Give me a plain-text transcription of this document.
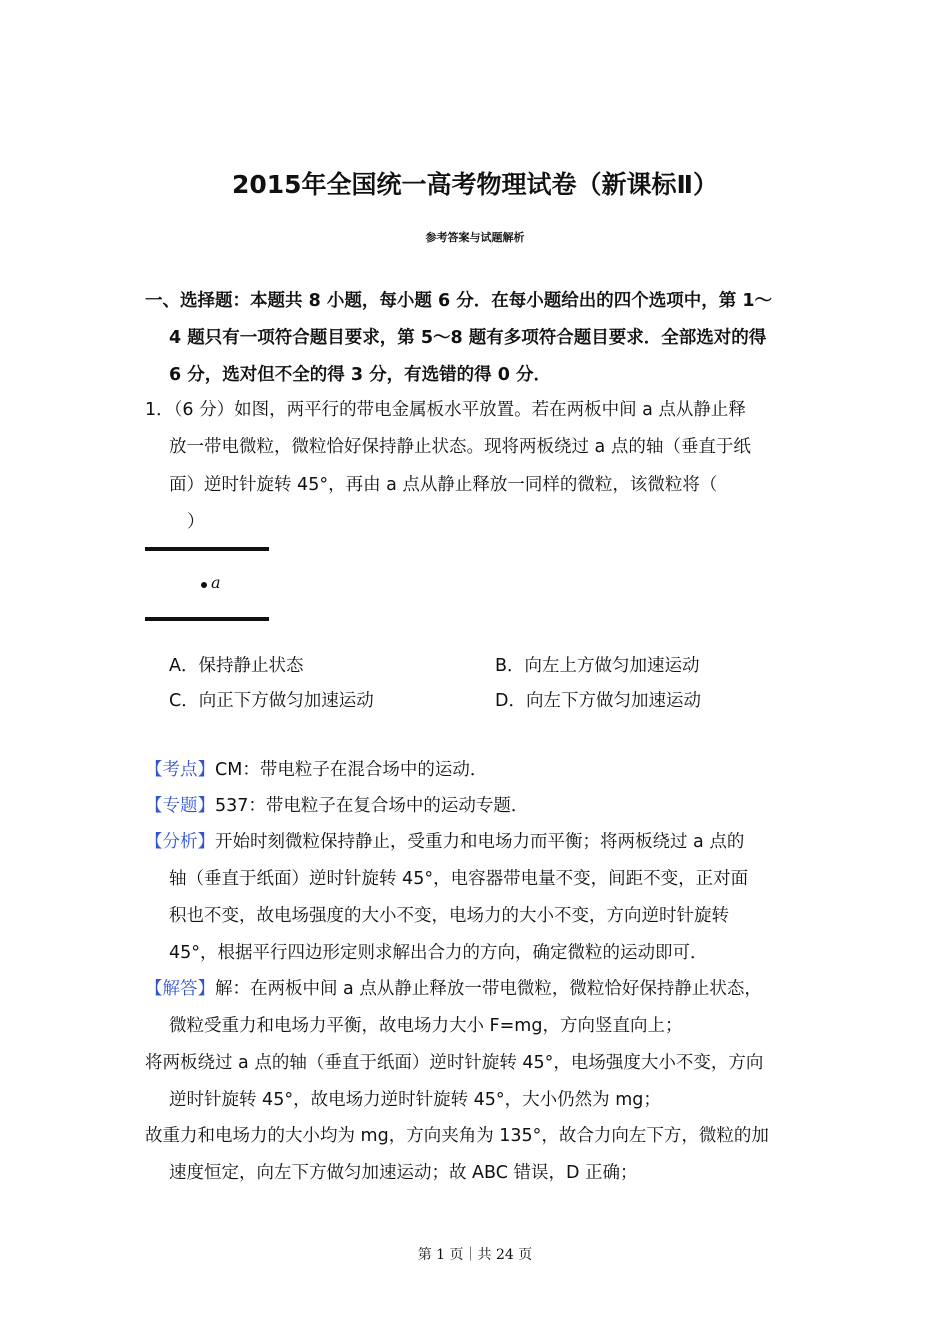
2015年全国统一高考物理试卷（新课标Ⅱ）
参考答案与试题解析
一、选择题：本题共 8 小题，每小题 6 分．在每小题给出的四个选项中，第 1～
4 题只有一项符合题目要求，第 5～8 题有多项符合题目要求．全部选对的得
6 分，选对但不全的得 3 分，有选错的得 0 分．
1．（6 分）如图，两平行的带电金属板水平放置。若在两板中间 a 点从静止释
放一带电微粒，微粒恰好保持静止状态。现将两板绕过 a 点的轴（垂直于纸
面）逆时针旋转 45°，再由 a 点从静止释放一同样的微粒，该微粒将（
）
a
A．保持静止状态	B．向左上方做匀加速运动
C．向正下方做匀加速运动	D．向左下方做匀加速运动
【考点】CM：带电粒子在混合场中的运动．
【专题】537：带电粒子在复合场中的运动专题．
【分析】开始时刻微粒保持静止，受重力和电场力而平衡；将两板绕过 a 点的
轴（垂直于纸面）逆时针旋转 45°，电容器带电量不变，间距不变，正对面
积也不变，故电场强度的大小不变，电场力的大小不变，方向逆时针旋转
45°，根据平行四边形定则求解出合力的方向，确定微粒的运动即可．
【解答】解：在两板中间 a 点从静止释放一带电微粒，微粒恰好保持静止状态，
微粒受重力和电场力平衡，故电场力大小 F=mg，方向竖直向上；
将两板绕过 a 点的轴（垂直于纸面）逆时针旋转 45°，电场强度大小不变，方向
逆时针旋转 45°，故电场力逆时针旋转 45°，大小仍然为 mg；
故重力和电场力的大小均为 mg，方向夹角为 135°，故合力向左下方，微粒的加
速度恒定，向左下方做匀加速运动；故 ABC 错误，D 正确；
第 1 页｜共 24 页
